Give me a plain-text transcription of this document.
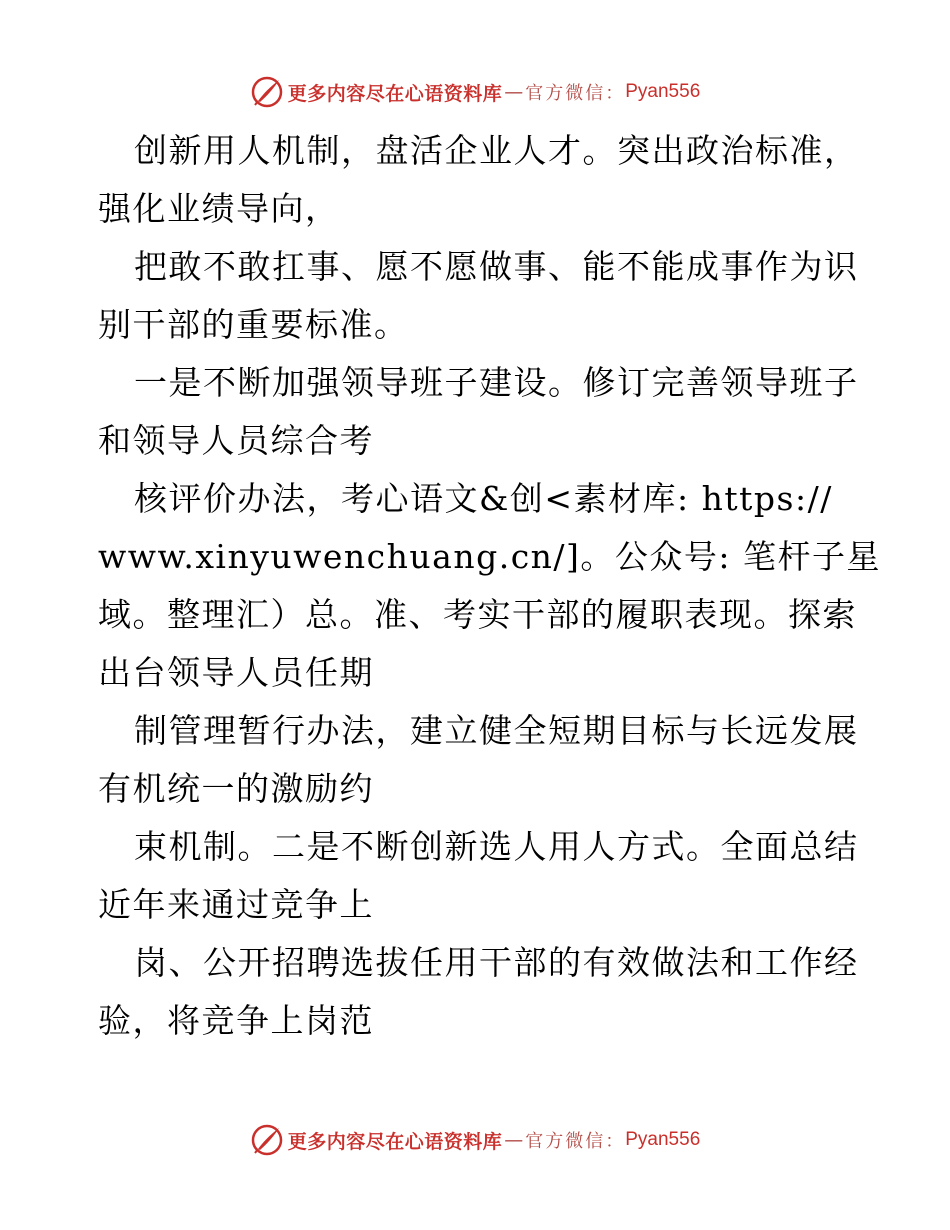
更多内容尽在心语资料库 — 官方微信： Pyan556
创新用人机制，盘活企业人才。突出政治标准，
强化业绩导向，
把敢不敢扛事、愿不愿做事、能不能成事作为识
别干部的重要标准。
一是不断加强领导班子建设。修订完善领导班子
和领导人员综合考
核评价办法，考心语文&创<素材库: https://
www.xinyuwenchuang.cn/]。公众号: 笔杆子星
域。整理汇）总。准、考实干部的履职表现。探索
出台领导人员任期
制管理暂行办法，建立健全短期目标与长远发展
有机统一的激励约
束机制。二是不断创新选人用人方式。全面总结
近年来通过竞争上
岗、公开招聘选拔任用干部的有效做法和工作经
验，将竞争上岗范
更多内容尽在心语资料库 — 官方微信： Pyan556
